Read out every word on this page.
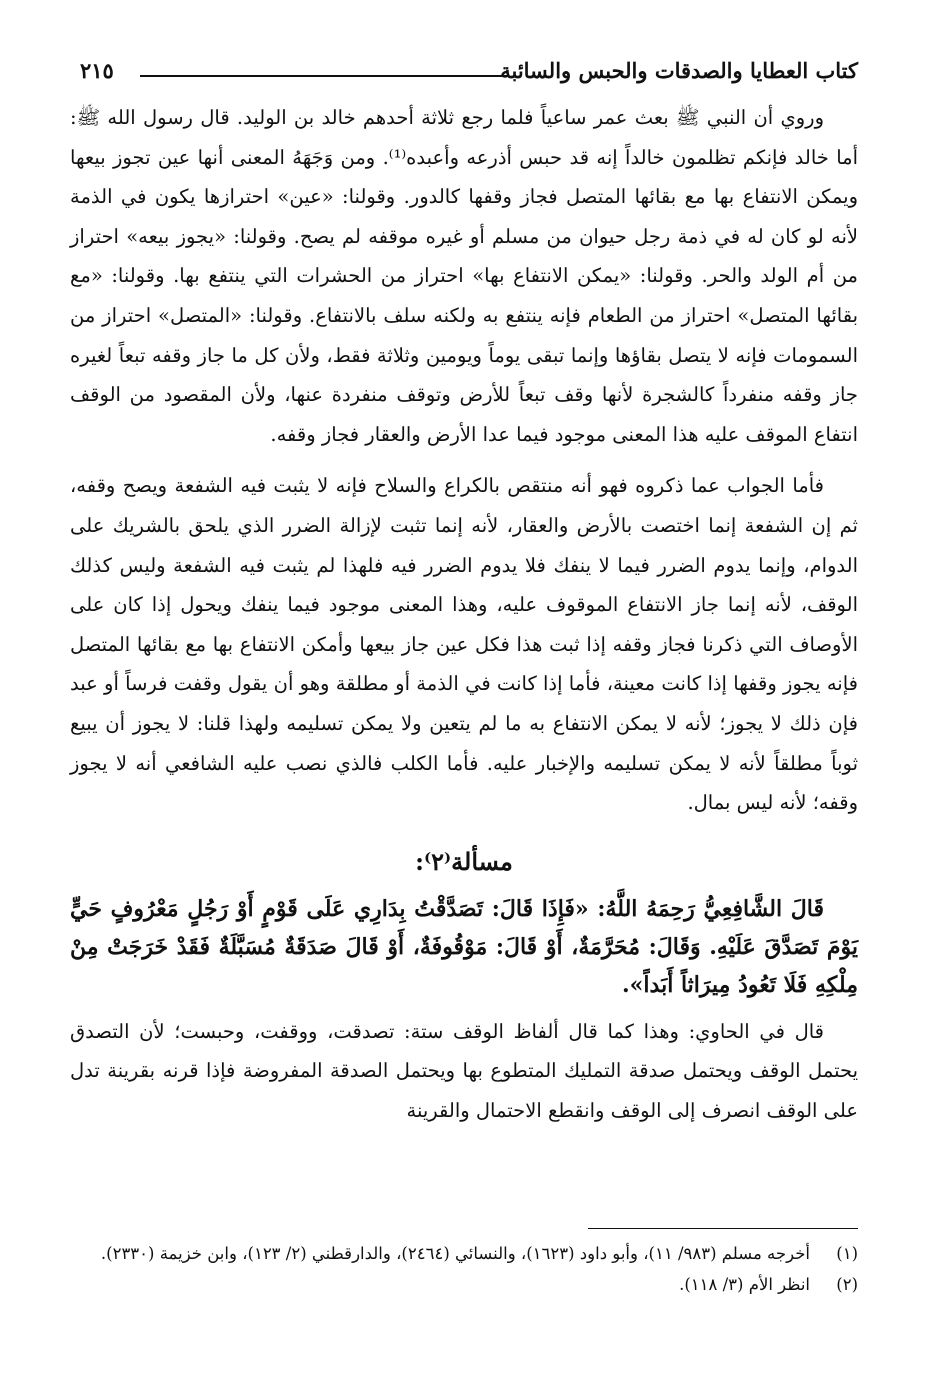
كتاب العطايا والصدقات والحبس والسائبة
٢١٥

وروي أن النبي ﷺ بعث عمر ساعياً فلما رجع ثلاثة أحدهم خالد بن الوليد. قال رسول الله ﷺ: أما خالد فإنكم تظلمون خالداً إنه قد حبس أذرعه وأعبده⁽¹⁾. ومن وَجَهَهُ المعنى أنها عين تجوز بيعها ويمكن الانتفاع بها مع بقائها المتصل فجاز وقفها كالدور. وقولنا: «عين» احترازها يكون في الذمة لأنه لو كان له في ذمة رجل حيوان من مسلم أو غيره موقفه لم يصح. وقولنا: «يجوز بيعه» احتراز من أم الولد والحر. وقولنا: «يمكن الانتفاع بها» احتراز من الحشرات التي ينتفع بها. وقولنا: «مع بقائها المتصل» احتراز من الطعام فإنه ينتفع به ولكنه سلف بالانتفاع. وقولنا: «المتصل» احتراز من السمومات فإنه لا يتصل بقاؤها وإنما تبقى يوماً ويومين وثلاثة فقط، ولأن كل ما جاز وقفه تبعاً لغيره جاز وقفه منفرداً كالشجرة لأنها وقف تبعاً للأرض وتوقف منفردة عنها، ولأن المقصود من الوقف انتفاع الموقف عليه هذا المعنى موجود فيما عدا الأرض والعقار فجاز وقفه.

فأما الجواب عما ذكروه فهو أنه منتقص بالكراع والسلاح فإنه لا يثبت فيه الشفعة ويصح وقفه، ثم إن الشفعة إنما اختصت بالأرض والعقار، لأنه إنما تثبت لإزالة الضرر الذي يلحق بالشريك على الدوام، وإنما يدوم الضرر فيما لا ينفك فلا يدوم الضرر فيه فلهذا لم يثبت فيه الشفعة وليس كذلك الوقف، لأنه إنما جاز الانتفاع الموقوف عليه، وهذا المعنى موجود فيما ينفك ويحول إذا كان على الأوصاف التي ذكرنا فجاز وقفه إذا ثبت هذا فكل عين جاز بيعها وأمكن الانتفاع بها مع بقائها المتصل فإنه يجوز وقفها إذا كانت معينة، فأما إذا كانت في الذمة أو مطلقة وهو أن يقول وقفت فرساً أو عبد فإن ذلك لا يجوز؛ لأنه لا يمكن الانتفاع به ما لم يتعين ولا يمكن تسليمه ولهذا قلنا: لا يجوز أن يبيع ثوباً مطلقاً لأنه لا يمكن تسليمه والإخبار عليه. فأما الكلب فالذي نصب عليه الشافعي أنه لا يجوز وقفه؛ لأنه ليس بمال.

مسألة⁽٢⁾:

قَالَ الشَّافِعِيُّ رَحِمَهُ اللَّهُ: «فَإِذَا قَالَ: تَصَدَّقْتُ بِدَارِي عَلَى قَوْمٍ أَوْ رَجُلٍ مَعْرُوفٍ حَيٍّ يَوْمَ تَصَدَّقَ عَلَيْهِ. وَقَالَ: مُحَرَّمَةٌ، أَوْ قَالَ: مَوْقُوفَةٌ، أَوْ قَالَ صَدَقَةٌ مُسَبَّلَةٌ فَقَدْ خَرَجَتْ مِنْ مِلْكِهِ فَلَا تَعُودُ مِيرَاثاً أَبَداً».

قال في الحاوي: وهذا كما قال ألفاظ الوقف ستة: تصدقت، ووقفت، وحبست؛ لأن التصدق يحتمل الوقف ويحتمل صدقة التمليك المتطوع بها ويحتمل الصدقة المفروضة فإذا قرنه بقرينة تدل على الوقف انصرف إلى الوقف وانقطع الاحتمال والقرينة

(١)
أخرجه مسلم (٩٨٣/ ١١)، وأبو داود (١٦٢٣)، والنسائي (٢٤٦٤)، والدارقطني (٢/ ١٢٣)، وابن خزيمة (٢٣٣٠).
(٢)
انظر الأم (٣/ ١١٨).
